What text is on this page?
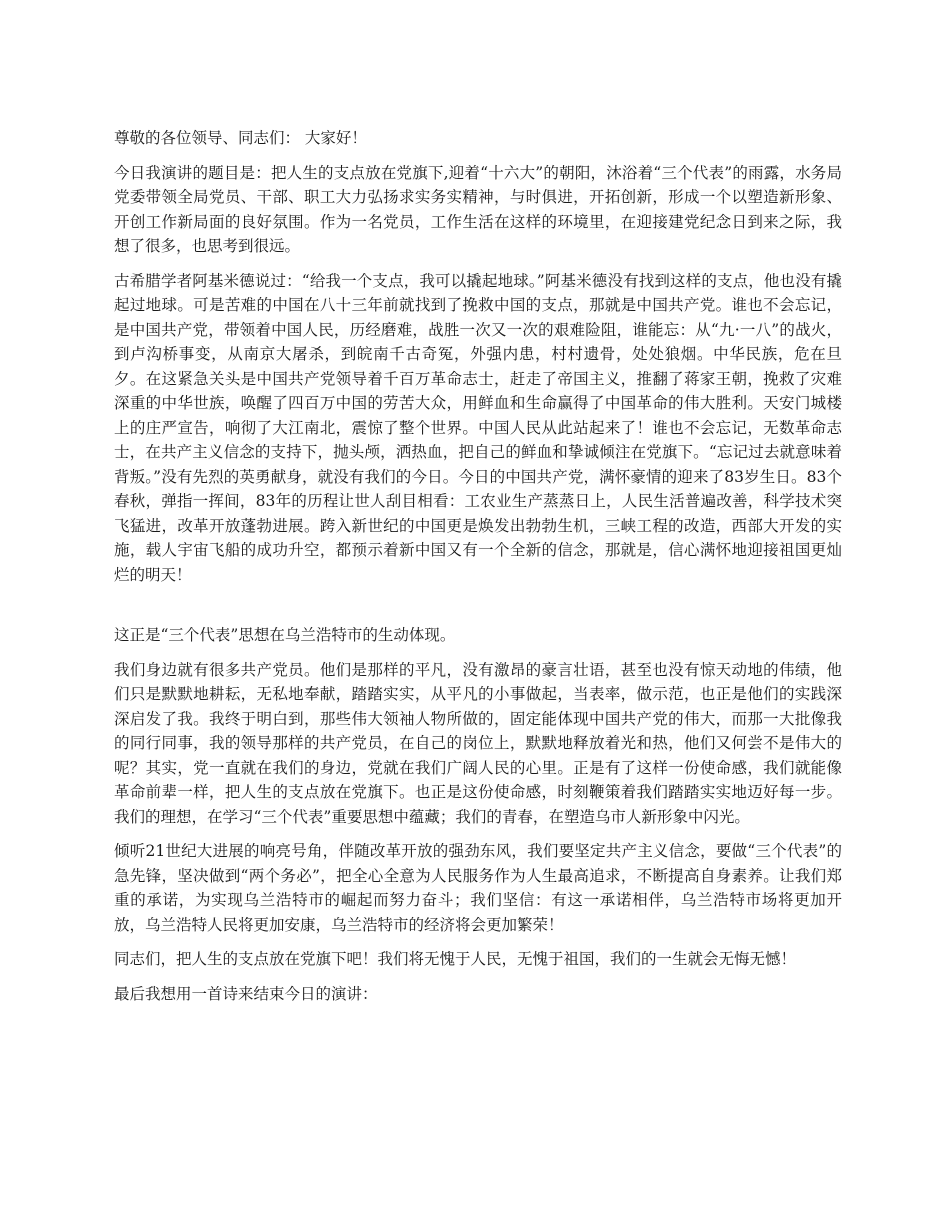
尊敬的各位领导、同志们： 大家好！

今日我演讲的题目是：把人生的支点放在党旗下,迎着“十六大”的朝阳，沐浴着“三个代表”的雨露，水务局党委带领全局党员、干部、职工大力弘扬求实务实精神，与时俱进，开拓创新，形成一个以塑造新形象、开创工作新局面的良好氛围。作为一名党员，工作生活在这样的环境里，在迎接建党纪念日到来之际，我想了很多，也思考到很远。

古希腊学者阿基米德说过：“给我一个支点，我可以撬起地球。”阿基米德没有找到这样的支点，他也没有撬起过地球。可是苦难的中国在八十三年前就找到了挽救中国的支点，那就是中国共产党。谁也不会忘记，是中国共产党，带领着中国人民，历经磨难，战胜一次又一次的艰难险阻，谁能忘：从“九·一八”的战火，到卢沟桥事变，从南京大屠杀，到皖南千古奇冤，外强内患，村村遗骨，处处狼烟。中华民族，危在旦夕。在这紧急关头是中国共产党领导着千百万革命志士，赶走了帝国主义，推翻了蒋家王朝，挽救了灾难深重的中华世族，唤醒了四百万中国的劳苦大众，用鲜血和生命赢得了中国革命的伟大胜利。天安门城楼上的庄严宣告，响彻了大江南北，震惊了整个世界。中国人民从此站起来了！谁也不会忘记，无数革命志士，在共产主义信念的支持下，抛头颅，洒热血，把自己的鲜血和挚诚倾注在党旗下。“忘记过去就意味着背叛。”没有先烈的英勇献身，就没有我们的今日。今日的中国共产党，满怀豪情的迎来了83岁生日。83个春秋，弹指一挥间，83年的历程让世人刮目相看：工农业生产蒸蒸日上，人民生活普遍改善，科学技术突飞猛进，改革开放蓬勃进展。跨入新世纪的中国更是焕发出勃勃生机，三峡工程的改造，西部大开发的实施，载人宇宙飞船的成功升空，都预示着新中国又有一个全新的信念，那就是，信心满怀地迎接祖国更灿烂的明天！

这正是“三个代表”思想在乌兰浩特市的生动体现。

我们身边就有很多共产党员。他们是那样的平凡，没有激昂的豪言壮语，甚至也没有惊天动地的伟绩，他们只是默默地耕耘，无私地奉献，踏踏实实，从平凡的小事做起，当表率，做示范，也正是他们的实践深深启发了我。我终于明白到，那些伟大领袖人物所做的，固定能体现中国共产党的伟大，而那一大批像我的同行同事，我的领导那样的共产党员，在自己的岗位上，默默地释放着光和热，他们又何尝不是伟大的呢？其实，党一直就在我们的身边，党就在我们广阔人民的心里。正是有了这样一份使命感，我们就能像革命前辈一样，把人生的支点放在党旗下。也正是这份使命感，时刻鞭策着我们踏踏实实地迈好每一步。我们的理想，在学习“三个代表”重要思想中蕴藏；我们的青春，在塑造乌市人新形象中闪光。

倾听21世纪大进展的响亮号角，伴随改革开放的强劲东风，我们要坚定共产主义信念，要做“三个代表”的急先锋，坚决做到“两个务必”，把全心全意为人民服务作为人生最高追求，不断提高自身素养。让我们郑重的承诺，为实现乌兰浩特市的崛起而努力奋斗；我们坚信：有这一承诺相伴，乌兰浩特市场将更加开放，乌兰浩特人民将更加安康，乌兰浩特市的经济将会更加繁荣！

同志们，把人生的支点放在党旗下吧！我们将无愧于人民，无愧于祖国，我们的一生就会无悔无憾！

最后我想用一首诗来结束今日的演讲：
